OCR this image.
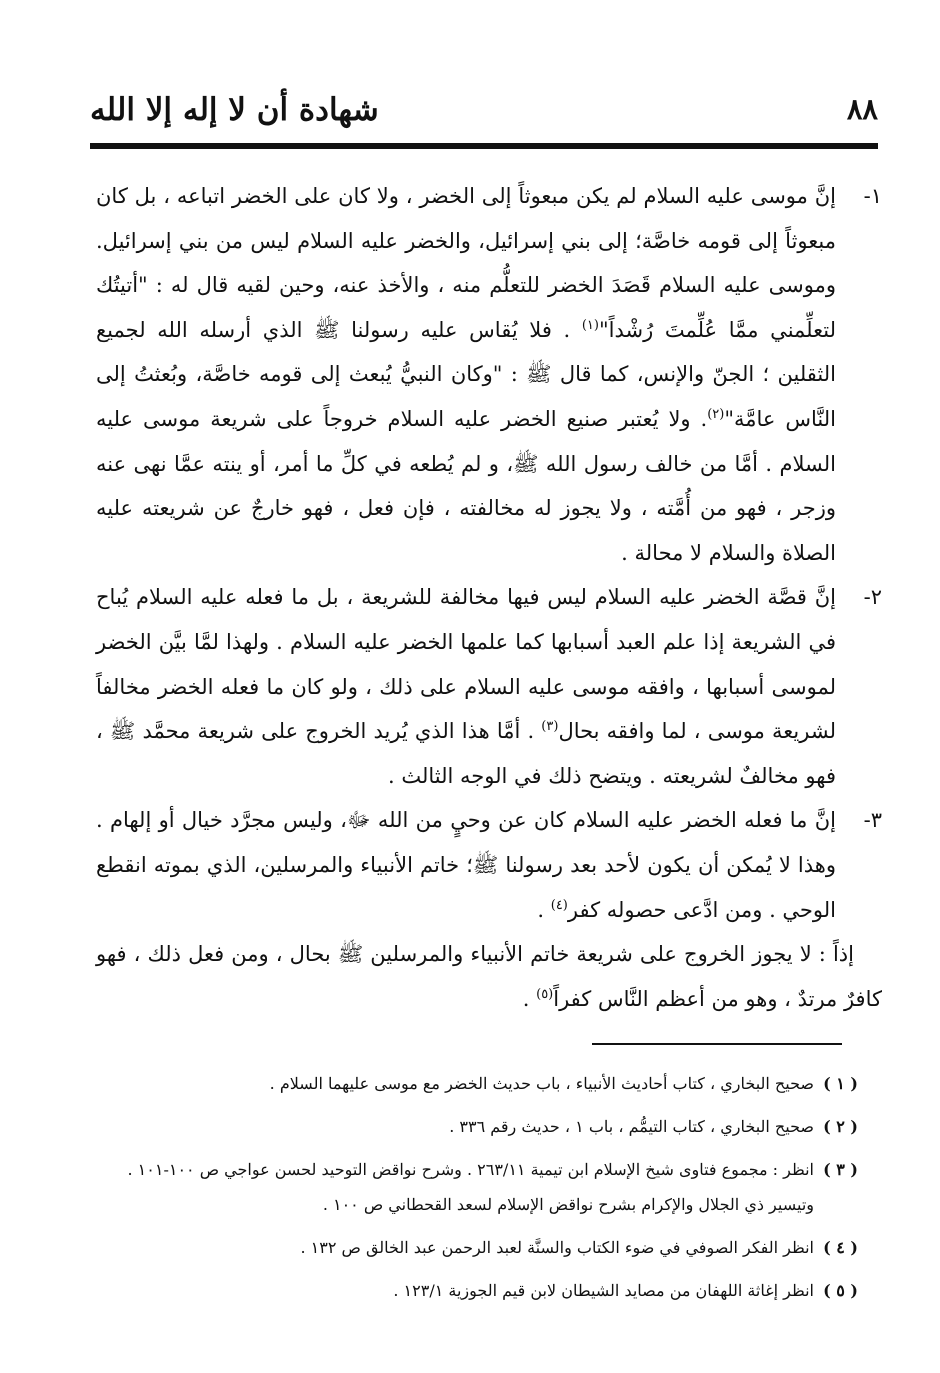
شهادة أن لا إله إلا الله	٨٨

١-
إنَّ موسى عليه السلام لم يكن مبعوثاً إلى الخضر ، ولا كان على الخضر اتباعه ، بل كان مبعوثاً إلى قومه خاصَّة؛ إلى بني إسرائيل، والخضر عليه السلام ليس من بني إسرائيل. وموسى عليه السلام قَصَدَ الخضر للتعلُّم منه ، والأخذ عنه، وحين لقيه قال له : "أتيتُك لتعلِّمني ممَّا عُلِّمتَ رُشْداً"$^{(١)}$ . فلا يُقاس عليه رسولنا ﷺ الذي أرسله الله لجميع الثقلين ؛ الجنّ والإنس، كما قال ﷺ : "وكان النبيُّ يُبعث إلى قومه خاصَّة، وبُعثتُ إلى النَّاس عامَّة"$^{(٢)}$. ولا يُعتبر صنيع الخضر عليه السلام خروجاً على شريعة موسى عليه السلام . أمَّا من خالف رسول الله ﷺ، و لم يُطعه في كلِّ ما أمر، أو ينته عمَّا نهى عنه وزجر ، فهو من أُمَّته ، ولا يجوز له مخالفته ، فإن فعل ، فهو خارجٌ عن شريعته عليه الصلاة والسلام لا محالة .

٢-
إنَّ قصَّة الخضر عليه السلام ليس فيها مخالفة للشريعة ، بل ما فعله عليه السلام يُباح في الشريعة إذا علم العبد أسبابها كما علمها الخضر عليه السلام . ولهذا لمَّا بيَّن الخضر لموسى أسبابها ، وافقه موسى عليه السلام على ذلك ، ولو كان ما فعله الخضر مخالفاً لشريعة موسى ، لما وافقه بحال$^{(٣)}$ . أمَّا هذا الذي يُريد الخروج على شريعة محمَّد ﷺ ، فهو مخالفٌ لشريعته . ويتضح ذلك في الوجه الثالث .

٣-
إنَّ ما فعله الخضر عليه السلام كان عن وحيٍ من الله ﷻ، وليس مجرَّد خيال أو إلهام . وهذا لا يُمكن أن يكون لأحد بعد رسولنا ﷺ؛ خاتم الأنبياء والمرسلين، الذي بموته انقطع الوحي . ومن ادَّعى حصوله كفر$^{(٤)}$ .

إذاً : لا يجوز الخروج على شريعة خاتم الأنبياء والمرسلين ﷺ بحال ، ومن فعل ذلك ، فهو كافرٌ مرتدٌ ، وهو من أعظم النَّاس كفراً$^{(٥)}$ .

( ١ )
صحيح البخاري ، كتاب أحاديث الأنبياء ، باب حديث الخضر مع موسى عليهما السلام .

( ٢ )
صحيح البخاري ، كتاب التيمُّم ، باب ١ ، حديث رقم ٣٣٦ .

( ٣ )
انظر : مجموع فتاوى شيخ الإسلام ابن تيمية ٢٦٣/١١ . وشرح نواقض التوحيد لحسن عواجي ص ١٠٠-١٠١ . وتيسير ذي الجلال والإكرام بشرح نواقض الإسلام لسعد القحطاني ص ١٠٠ .

( ٤ )
انظر الفكر الصوفي في ضوء الكتاب والسنَّة لعبد الرحمن عبد الخالق ص ١٣٢ .

( ٥ )
انظر إغاثة اللهفان من مصايد الشيطان لابن قيم الجوزية ١٢٣/١ .
